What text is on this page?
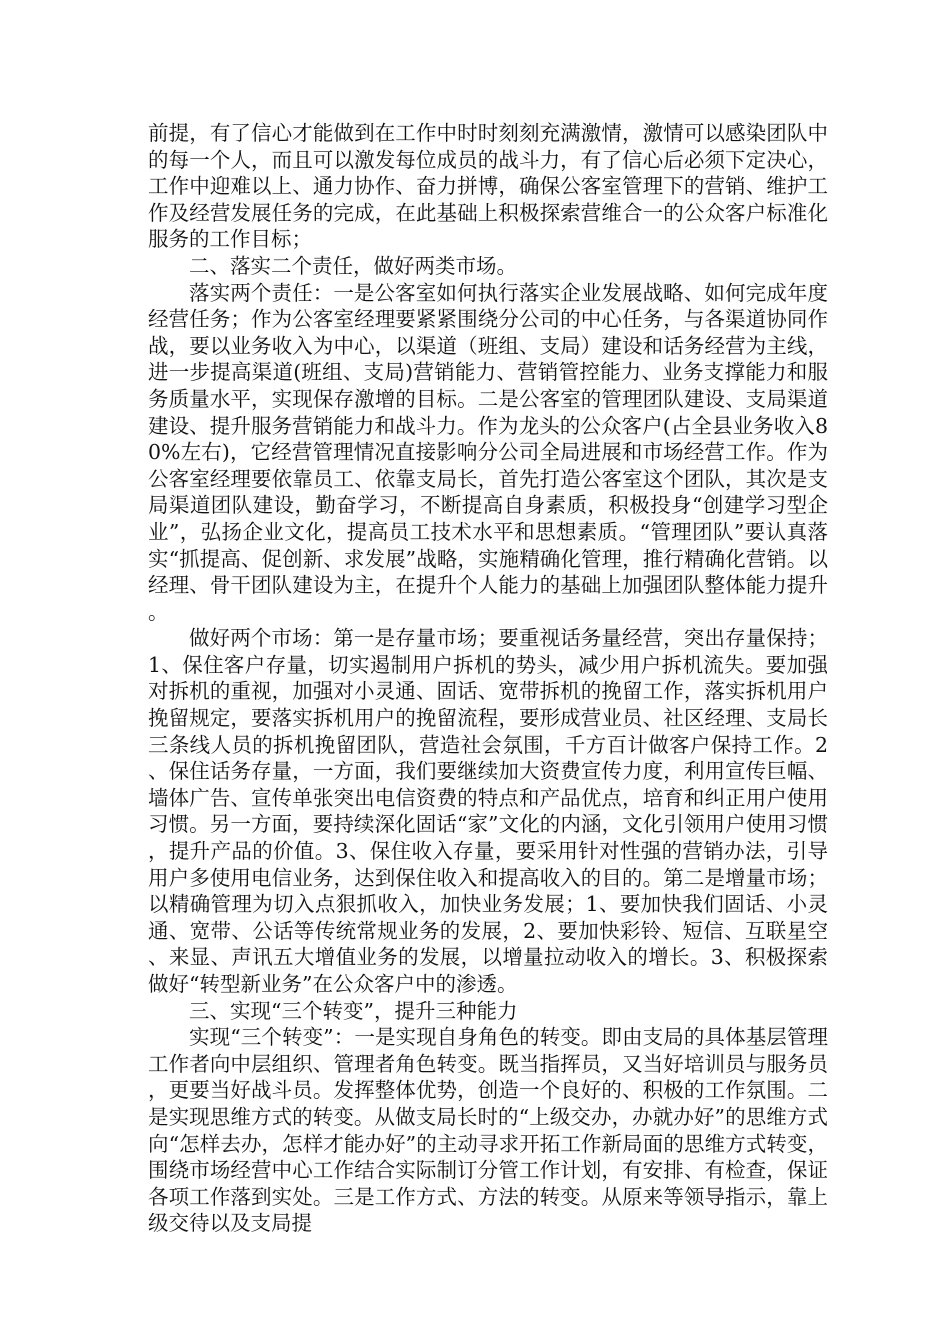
前提，有了信心才能做到在工作中时时刻刻充满激情，激情可以感染团队中的每一个人，而且可以激发每位成员的战斗力，有了信心后必须下定决心，工作中迎难以上、通力协作、奋力拼博，确保公客室管理下的营销、维护工作及经营发展任务的完成，在此基础上积极探索营维合一的公众客户标准化服务的工作目标；

二、落实二个责任，做好两类市场。

落实两个责任：一是公客室如何执行落实企业发展战略、如何完成年度经营任务；作为公客室经理要紧紧围绕分公司的中心任务，与各渠道协同作战，要以业务收入为中心，以渠道（班组、支局）建设和话务经营为主线，进一步提高渠道(班组、支局)营销能力、营销管控能力、业务支撑能力和服务质量水平，实现保存激增的目标。二是公客室的管理团队建设、支局渠道建设、提升服务营销能力和战斗力。作为龙头的公众客户(占全县业务收入80%左右)，它经营管理情况直接影响分公司全局进展和市场经营工作。作为公客室经理要依靠员工、依靠支局长，首先打造公客室这个团队，其次是支局渠道团队建设，勤奋学习，不断提高自身素质，积极投身“创建学习型企业”，弘扬企业文化，提高员工技术水平和思想素质。“管理团队”要认真落实“抓提高、促创新、求发展”战略，实施精确化管理，推行精确化营销。以经理、骨干团队建设为主，在提升个人能力的基础上加强团队整体能力提升。

做好两个市场：第一是存量市场；要重视话务量经营，突出存量保持；1、保住客户存量，切实遏制用户拆机的势头，减少用户拆机流失。要加强对拆机的重视，加强对小灵通、固话、宽带拆机的挽留工作，落实拆机用户挽留规定，要落实拆机用户的挽留流程，要形成营业员、社区经理、支局长三条线人员的拆机挽留团队，营造社会氛围，千方百计做客户保持工作。2、保住话务存量，一方面，我们要继续加大资费宣传力度，利用宣传巨幅、墙体广告、宣传单张突出电信资费的特点和产品优点，培育和纠正用户使用习惯。另一方面，要持续深化固话“家”文化的内涵，文化引领用户使用习惯，提升产品的价值。3、保住收入存量，要采用针对性强的营销办法，引导用户多使用电信业务，达到保住收入和提高收入的目的。第二是增量市场；以精确管理为切入点狠抓收入，加快业务发展；1、要加快我们固话、小灵通、宽带、公话等传统常规业务的发展，2、要加快彩铃、短信、互联星空、来显、声讯五大增值业务的发展，以增量拉动收入的增长。3、积极探索做好“转型新业务”在公众客户中的渗透。

三、实现“三个转变”，提升三种能力

实现“三个转变”：一是实现自身角色的转变。即由支局的具体基层管理工作者向中层组织、管理者角色转变。既当指挥员，又当好培训员与服务员，更要当好战斗员。发挥整体优势，创造一个良好的、积极的工作氛围。二是实现思维方式的转变。从做支局长时的“上级交办，办就办好”的思维方式向“怎样去办，怎样才能办好”的主动寻求开拓工作新局面的思维方式转变，围绕市场经营中心工作结合实际制订分管工作计划，有安排、有检查，保证各项工作落到实处。三是工作方式、方法的转变。从原来等领导指示，靠上级交待以及支局提
